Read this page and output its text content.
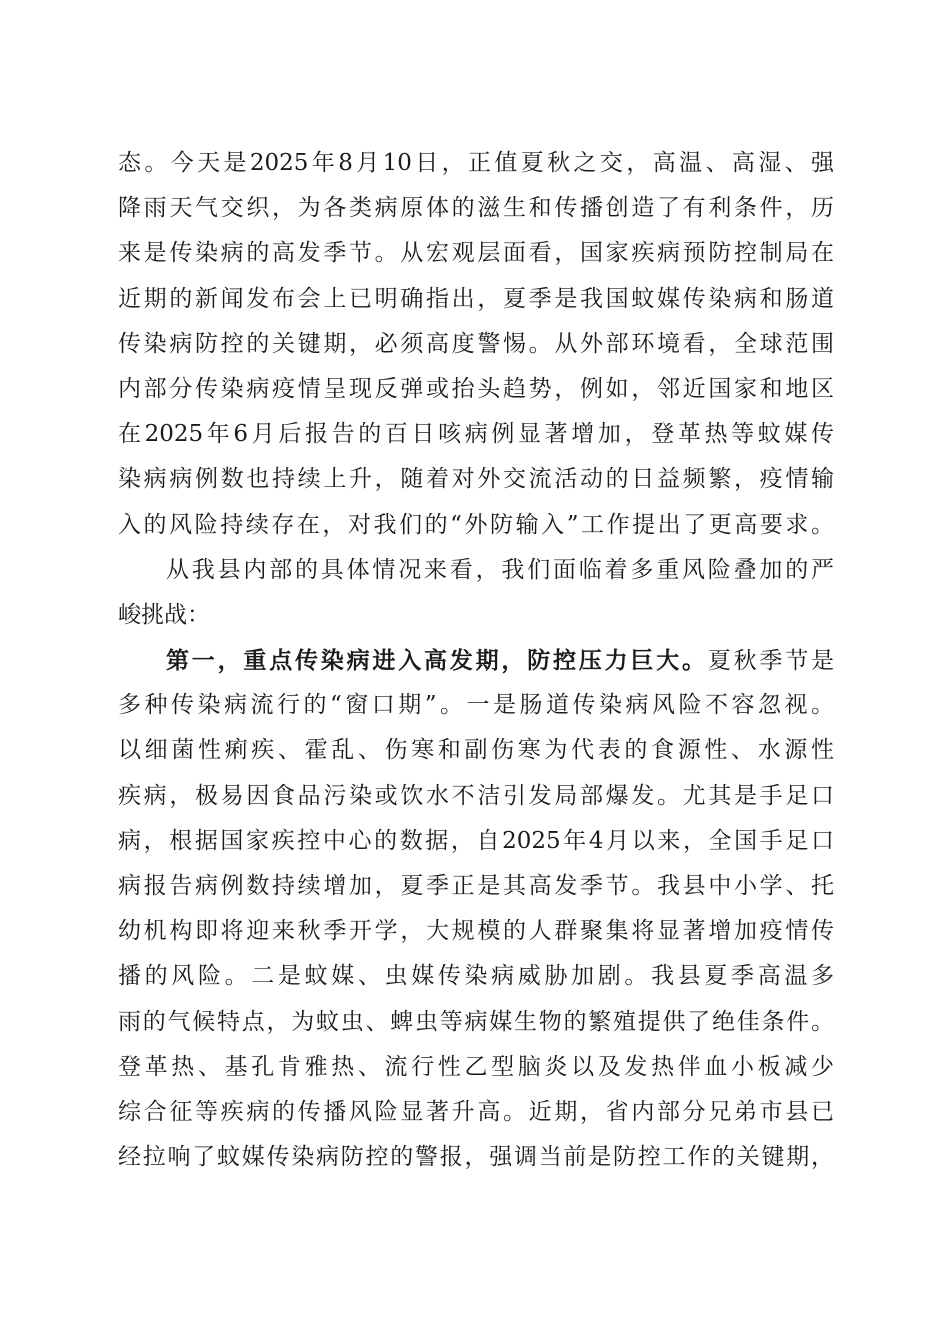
态。今天是2025年8月10日，正值夏秋之交，高温、高湿、强
降雨天气交织，为各类病原体的滋生和传播创造了有利条件，历
来是传染病的高发季节。从宏观层面看，国家疾病预防控制局在
近期的新闻发布会上已明确指出，夏季是我国蚊媒传染病和肠道
传染病防控的关键期，必须高度警惕。从外部环境看，全球范围
内部分传染病疫情呈现反弹或抬头趋势，例如，邻近国家和地区
在2025年6月后报告的百日咳病例显著增加，登革热等蚊媒传
染病病例数也持续上升，随着对外交流活动的日益频繁，疫情输
入的风险持续存在，对我们的“外防输入”工作提出了更高要求。
从我县内部的具体情况来看，我们面临着多重风险叠加的严
峻挑战：
第一，重点传染病进入高发期，防控压力巨大。夏秋季节是
多种传染病流行的“窗口期”。一是肠道传染病风险不容忽视。
以细菌性痢疾、霍乱、伤寒和副伤寒为代表的食源性、水源性
疾病，极易因食品污染或饮水不洁引发局部爆发。尤其是手足口
病，根据国家疾控中心的数据，自2025年4月以来，全国手足口
病报告病例数持续增加，夏季正是其高发季节。我县中小学、托
幼机构即将迎来秋季开学，大规模的人群聚集将显著增加疫情传
播的风险。二是蚊媒、虫媒传染病威胁加剧。我县夏季高温多
雨的气候特点，为蚊虫、蜱虫等病媒生物的繁殖提供了绝佳条件。
登革热、基孔肯雅热、流行性乙型脑炎以及发热伴血小板减少
综合征等疾病的传播风险显著升高。近期，省内部分兄弟市县已
经拉响了蚊媒传染病防控的警报，强调当前是防控工作的关键期，
